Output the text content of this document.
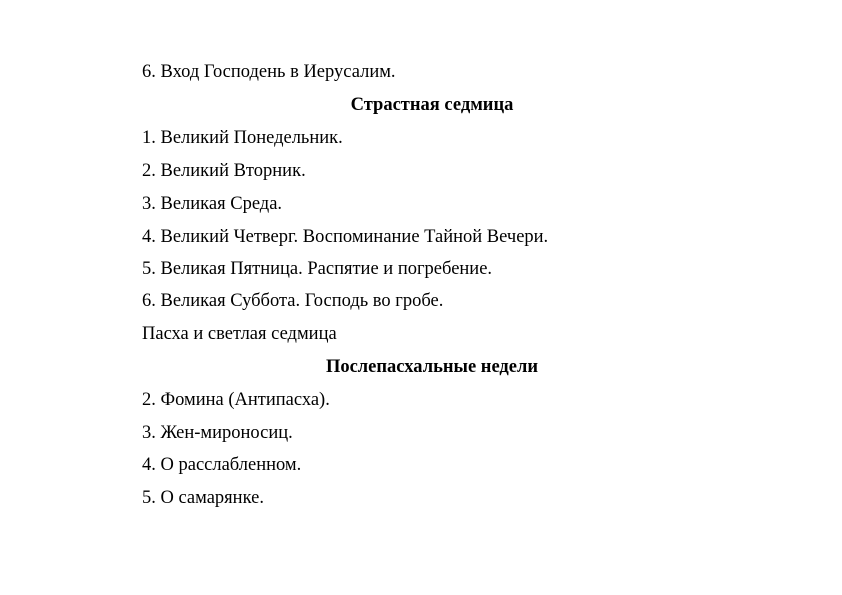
6. Вход Господень в Иерусалим.
Страстная седмица
1. Великий Понедельник.
2. Великий Вторник.
3. Великая Среда.
4. Великий Четверг. Воспоминание Тайной Вечери.
5. Великая Пятница. Распятие и погребение.
6. Великая Суббота. Господь во гробе.
Пасха и светлая седмица
Послепасхальные недели
2. Фомина (Антипасха).
3. Жен-мироносиц.
4. О расслабленном.
5. О самарянке.
